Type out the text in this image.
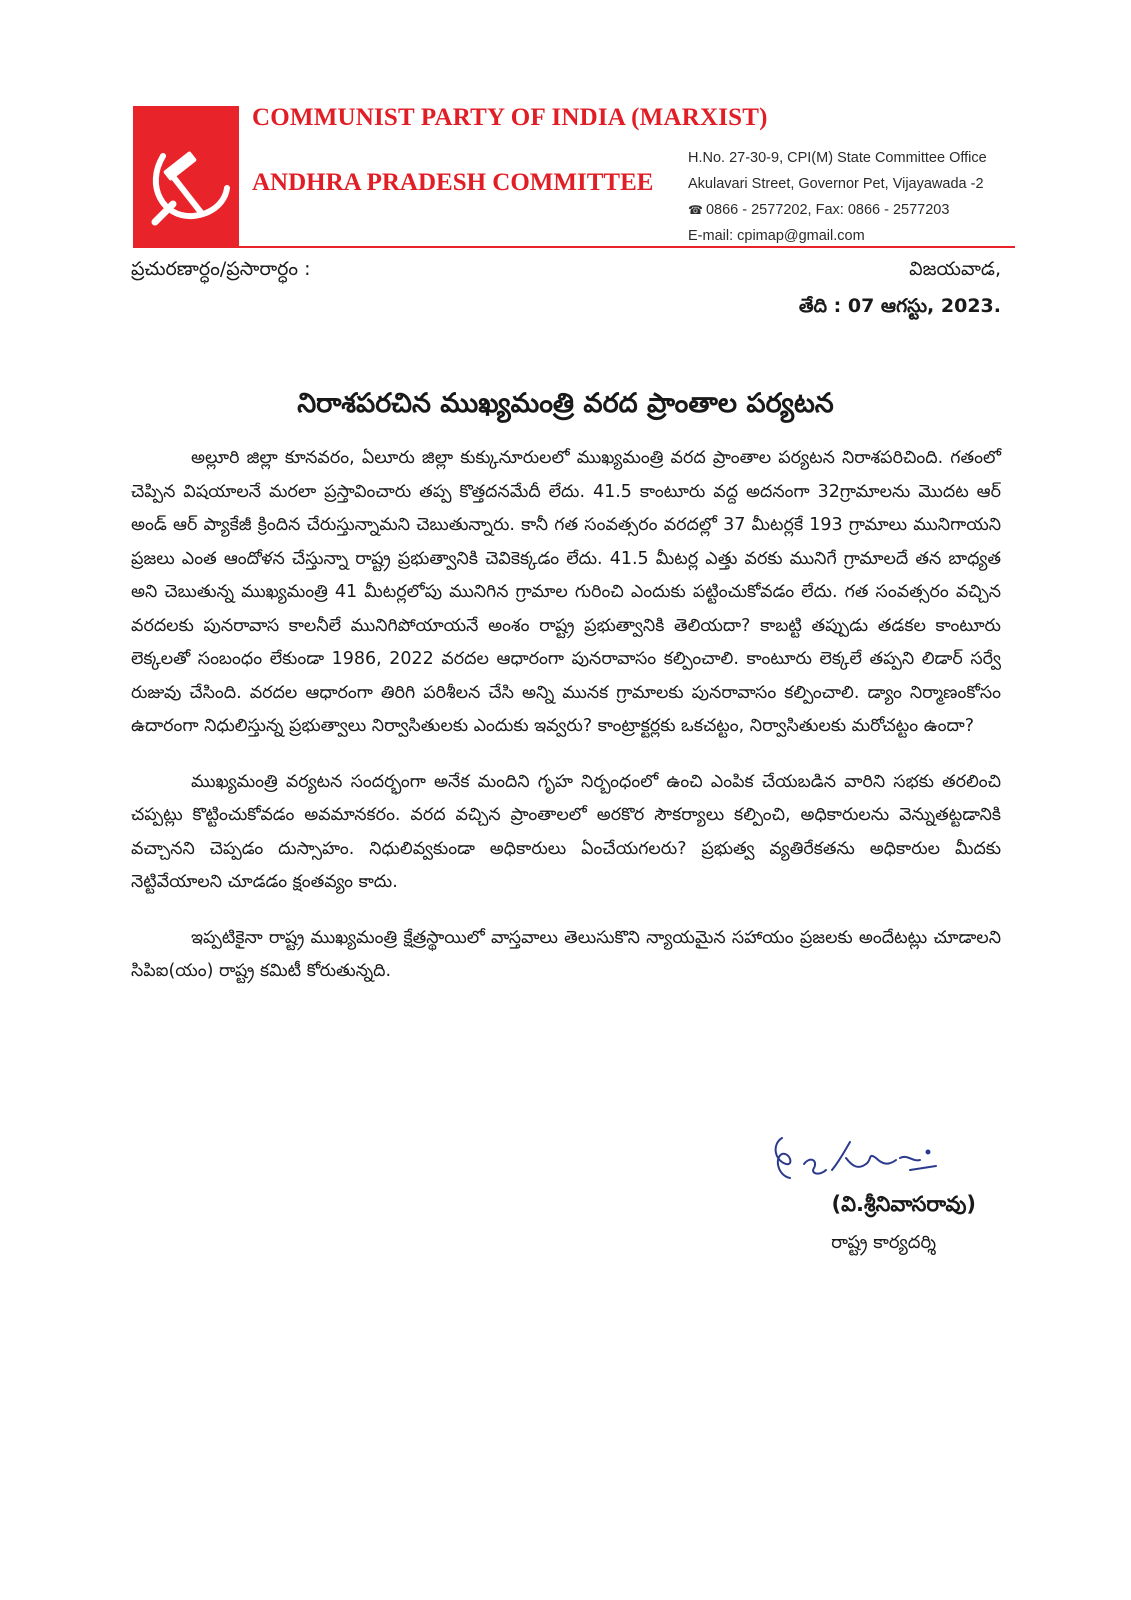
COMMUNIST PARTY OF INDIA (MARXIST)
ANDHRA PRADESH COMMITTEE
H.No. 27-30-9, CPI(M) State Committee Office
Akulavari Street, Governor Pet, Vijayawada -2
☎ 0866 - 2577202, Fax: 0866 - 2577203
E-mail: cpimap@gmail.com
ప్రచురణార్ధం/ప్రసారార్ధం :	విజయవాడ,
తేది : 07 ఆగస్టు, 2023.
నిరాశపరచిన ముఖ్యమంత్రి వరద ప్రాంతాల పర్యటన

అల్లూరి జిల్లా కూనవరం, ఏలూరు జిల్లా కుక్కునూరులలో ముఖ్యమంత్రి వరద ప్రాంతాల పర్యటన నిరాశపరిచింది. గతంలో చెప్పిన విషయాలనే మరలా ప్రస్తావించారు తప్ప కొత్తదనమేదీ లేదు. 41.5 కాంటూరు వద్ద అదనంగా 32గ్రామాలను మొదట ఆర్ అండ్ ఆర్ ప్యాకేజీ క్రిందిన చేరుస్తున్నామని చెబుతున్నారు. కానీ గత సంవత్సరం వరదల్లో 37 మీటర్లకే 193 గ్రామాలు మునిగాయని ప్రజలు ఎంత ఆందోళన చేస్తున్నా రాష్ట్ర ప్రభుత్వానికి చెవికెక్కడం లేదు. 41.5 మీటర్ల ఎత్తు వరకు మునిగే గ్రామాలదే తన బాధ్యత అని చెబుతున్న ముఖ్యమంత్రి 41 మీటర్లలోపు మునిగిన గ్రామాల గురించి ఎందుకు పట్టించుకోవడం లేదు. గత సంవత్సరం వచ్చిన వరదలకు పునరావాస కాలనీలే మునిగిపోయాయనే అంశం రాష్ట్ర ప్రభుత్వానికి తెలియదా? కాబట్టి తప్పుడు తడకల కాంటూరు లెక్కలతో సంబంధం లేకుండా 1986, 2022 వరదల ఆధారంగా పునరావాసం కల్పించాలి. కాంటూరు లెక్కలే తప్పని లిడార్ సర్వే రుజువు చేసింది. వరదల ఆధారంగా తిరిగి పరిశీలన చేసి అన్ని మునక గ్రామాలకు పునరావాసం కల్పించాలి. డ్యాం నిర్మాణంకోసం ఉదారంగా నిధులిస్తున్న ప్రభుత్వాలు నిర్వాసితులకు ఎందుకు ఇవ్వరు? కాంట్రాక్టర్లకు ఒకచట్టం, నిర్వాసితులకు మరోచట్టం ఉందా?

ముఖ్యమంత్రి వర్యటన సందర్భంగా అనేక మందిని గృహ నిర్బంధంలో ఉంచి ఎంపిక చేయబడిన వారిని సభకు తరలించి చప్పట్లు కొట్టించుకోవడం అవమానకరం. వరద వచ్చిన ప్రాంతాలలో అరకొర సౌకర్యాలు కల్పించి, అధికారులను వెన్నుతట్టడానికి వచ్చానని చెప్పడం దుస్సాహం. నిధులివ్వకుండా అధికారులు ఏంచేయగలరు? ప్రభుత్వ వ్యతిరేకతను అధికారుల మీదకు నెట్టివేయాలని చూడడం క్షంతవ్యం కాదు.

ఇప్పటికైనా రాష్ట్ర ముఖ్యమంత్రి క్షేత్రస్థాయిలో వాస్తవాలు తెలుసుకొని న్యాయమైన సహాయం ప్రజలకు అందేటట్లు చూడాలని సిపిఐ(యం) రాష్ట్ర కమిటీ కోరుతున్నది.

(వి.శ్రీనివాసరావు)
రాష్ట్ర కార్యదర్శి
